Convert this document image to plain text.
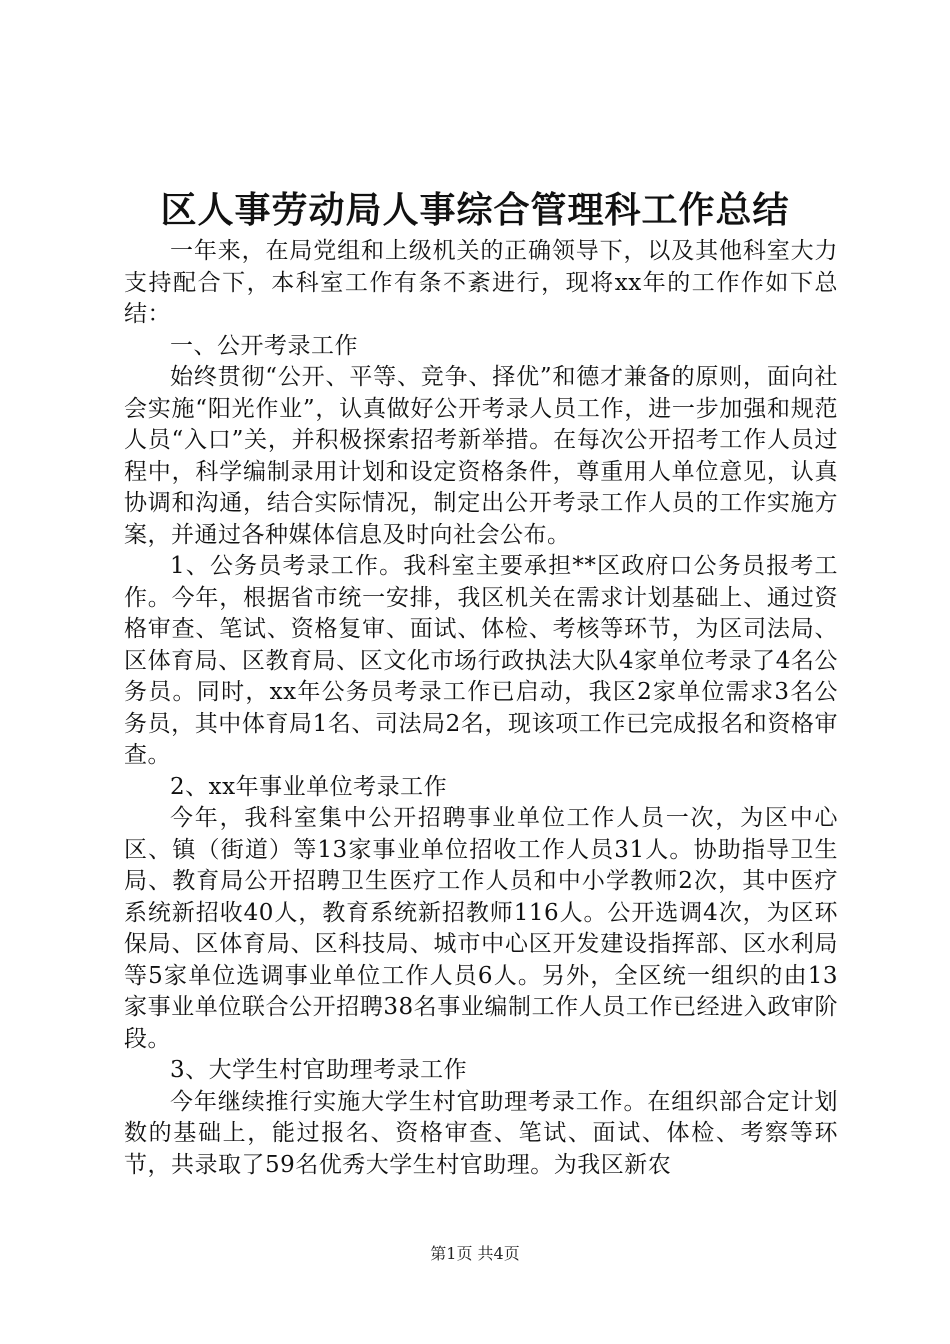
区人事劳动局人事综合管理科工作总结

一年来，在局党组和上级机关的正确领导下，以及其他科室大力支持配合下，本科室工作有条不紊进行，现将xx年的工作作如下总结：

一、公开考录工作

始终贯彻“公开、平等、竞争、择优”和德才兼备的原则，面向社会实施“阳光作业”，认真做好公开考录人员工作，进一步加强和规范人员“入口”关，并积极探索招考新举措。在每次公开招考工作人员过程中，科学编制录用计划和设定资格条件，尊重用人单位意见，认真协调和沟通，结合实际情况，制定出公开考录工作人员的工作实施方案，并通过各种媒体信息及时向社会公布。

1、公务员考录工作。我科室主要承担**区政府口公务员报考工作。今年，根据省市统一安排，我区机关在需求计划基础上、通过资格审查、笔试、资格复审、面试、体检、考核等环节，为区司法局、区体育局、区教育局、区文化市场行政执法大队4家单位考录了4名公务员。同时，xx年公务员考录工作已启动，我区2家单位需求3名公务员，其中体育局1名、司法局2名，现该项工作已完成报名和资格审查。

2、xx年事业单位考录工作

今年，我科室集中公开招聘事业单位工作人员一次，为区中心区、镇（街道）等13家事业单位招收工作人员31人。协助指导卫生局、教育局公开招聘卫生医疗工作人员和中小学教师2次，其中医疗系统新招收40人，教育系统新招教师116人。公开选调4次，为区环保局、区体育局、区科技局、城市中心区开发建设指挥部、区水利局等5家单位选调事业单位工作人员6人。另外，全区统一组织的由13家事业单位联合公开招聘38名事业编制工作人员工作已经进入政审阶段。

3、大学生村官助理考录工作

今年继续推行实施大学生村官助理考录工作。在组织部合定计划数的基础上，能过报名、资格审查、笔试、面试、体检、考察等环节，共录取了59名优秀大学生村官助理。为我区新农

第1页 共4页
